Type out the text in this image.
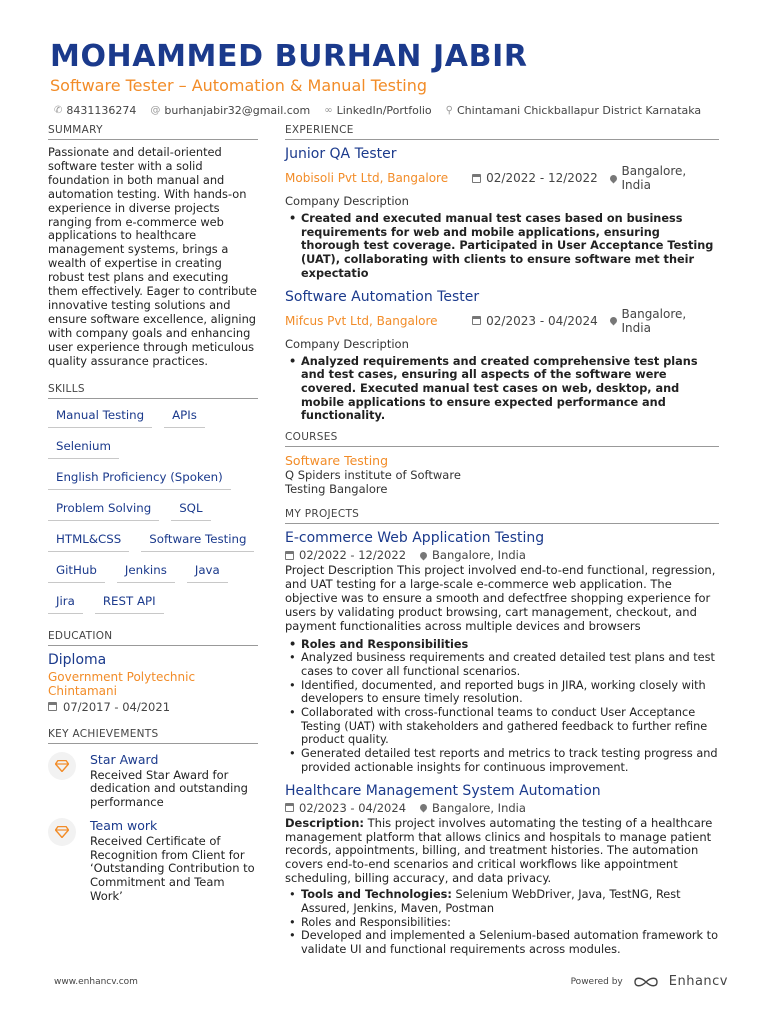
MOHAMMED BURHAN JABIR
Software Tester – Automation & Manual Testing
✆ 8431136274 @ burhanjabir32@gmail.com ∞ LinkedIn/Portfolio ⚲ Chintamani Chickballapur District Karnataka
SUMMARY
Passionate and detail-oriented software tester with a solid foundation in both manual and automation testing. With hands-on experience in diverse projects ranging from e-commerce web applications to healthcare management systems, brings a wealth of expertise in creating robust test plans and executing them effectively. Eager to contribute innovative testing solutions and ensure software excellence, aligning with company goals and enhancing user experience through meticulous quality assurance practices.
SKILLS
Manual Testing	APIs
Selenium
English Proficiency (Spoken)
Problem Solving	SQL
HTML&CSS	Software Testing
GitHub	Jenkins	Java
Jira	REST API
EDUCATION
Diploma
Government Polytechnic Chintamani
07/2017 - 04/2021
KEY ACHIEVEMENTS
Star Award
Received Star Award for dedication and outstanding performance
Team work
Received Certificate of Recognition from Client for ‘Outstanding Contribution to Commitment and Team Work’
EXPERIENCE
Junior QA Tester
Mobisoli Pvt Ltd, Bangalore	02/2022 - 12/2022 Bangalore, India
Company Description
• Created and executed manual test cases based on business requirements for web and mobile applications, ensuring thorough test coverage. Participated in User Acceptance Testing (UAT), collaborating with clients to ensure software met their expectatio
Software Automation Tester
Mifcus Pvt Ltd, Bangalore	02/2023 - 04/2024 Bangalore, India
Company Description
• Analyzed requirements and created comprehensive test plans and test cases, ensuring all aspects of the software were covered. Executed manual test cases on web, desktop, and mobile applications to ensure expected performance and functionality.
COURSES
Software Testing
Q Spiders institute of Software Testing Bangalore
MY PROJECTS
E-commerce Web Application Testing
02/2022 - 12/2022 Bangalore, India
Project Description This project involved end-to-end functional, regression, and UAT testing for a large-scale e-commerce web application. The objective was to ensure a smooth and defectfree shopping experience for users by validating product browsing, cart management, checkout, and payment functionalities across multiple devices and browsers
• Roles and Responsibilities
• Analyzed business requirements and created detailed test plans and test cases to cover all functional scenarios.
• Identified, documented, and reported bugs in JIRA, working closely with developers to ensure timely resolution.
• Collaborated with cross-functional teams to conduct User Acceptance Testing (UAT) with stakeholders and gathered feedback to further refine product quality.
• Generated detailed test reports and metrics to track testing progress and provided actionable insights for continuous improvement.
Healthcare Management System Automation
02/2023 - 04/2024 Bangalore, India
Description: This project involves automating the testing of a healthcare management platform that allows clinics and hospitals to manage patient records, appointments, billing, and treatment histories. The automation covers end-to-end scenarios and critical workflows like appointment scheduling, billing accuracy, and data privacy.
• Tools and Technologies: Selenium WebDriver, Java, TestNG, Rest Assured, Jenkins, Maven, Postman
• Roles and Responsibilities:
• Developed and implemented a Selenium-based automation framework to validate UI and functional requirements across modules.
www.enhancv.com	Powered by	Enhancv
